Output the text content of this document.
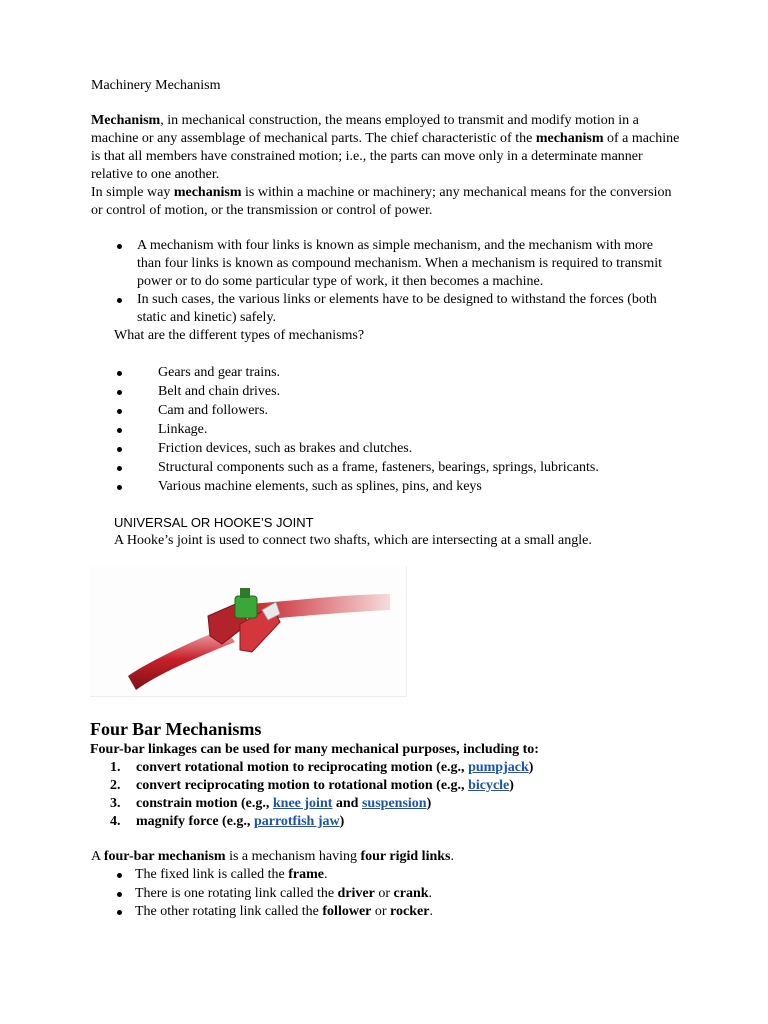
Machinery Mechanism
Mechanism, in mechanical construction, the means employed to transmit and modify motion in a machine or any assemblage of mechanical parts. The chief characteristic of the mechanism of a machine is that all members have constrained motion; i.e., the parts can move only in a determinate manner relative to one another.
In simple way mechanism is within a machine or machinery; any mechanical means for the conversion or control of motion, or the transmission or control of power.
A mechanism with four links is known as simple mechanism, and the mechanism with more than four links is known as compound mechanism. When a mechanism is required to transmit power or to do some particular type of work, it then becomes a machine.
In such cases, the various links or elements have to be designed to withstand the forces (both static and kinetic) safely.
What are the different types of mechanisms?
Gears and gear trains.
Belt and chain drives.
Cam and followers.
Linkage.
Friction devices, such as brakes and clutches.
Structural components such as a frame, fasteners, bearings, springs, lubricants.
Various machine elements, such as splines, pins, and keys
UNIVERSAL OR HOOKE’S JOINT
A Hooke’s joint is used to connect two shafts, which are intersecting at a small angle.
Four Bar Mechanisms
Four-bar linkages can be used for many mechanical purposes, including to:
1. convert rotational motion to reciprocating motion (e.g., pumpjack)
2. convert reciprocating motion to rotational motion (e.g., bicycle)
3. constrain motion (e.g., knee joint and suspension)
4. magnify force (e.g., parrotfish jaw)
A four-bar mechanism is a mechanism having four rigid links.
The fixed link is called the frame.
There is one rotating link called the driver or crank.
The other rotating link called the follower or rocker.
